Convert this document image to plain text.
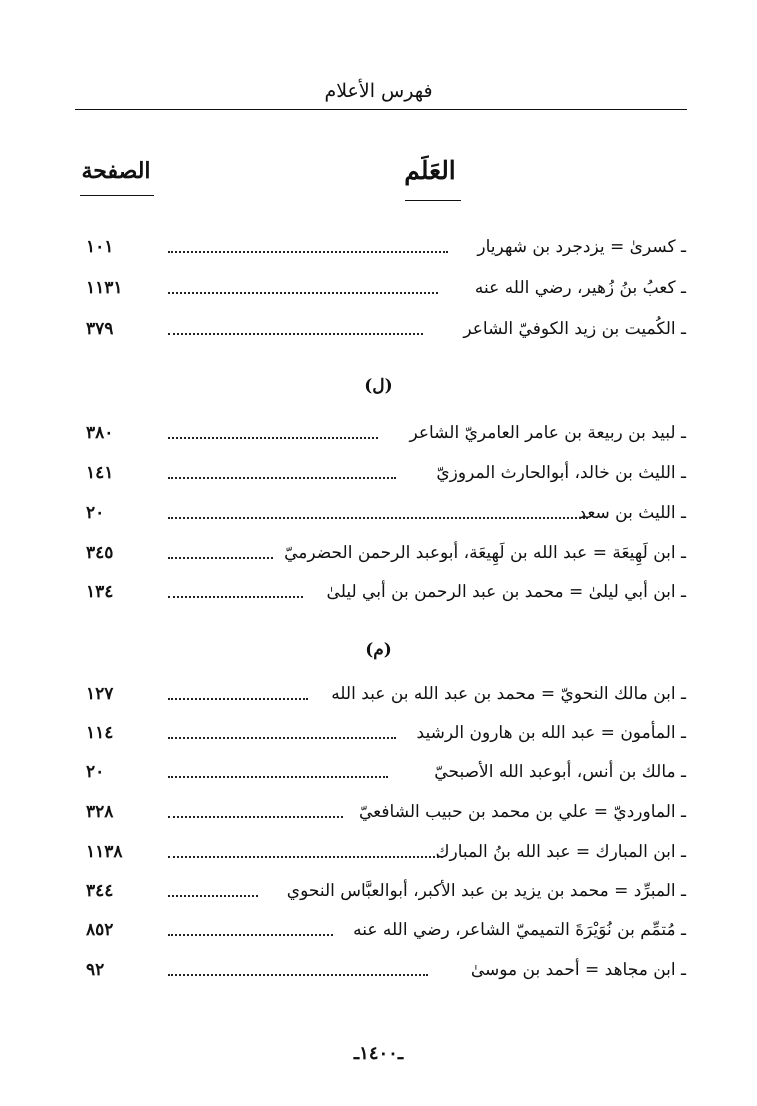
فهرس الأعلام
العَلَم
الصفحة
ـ كسرىٰ = يزدجرد بن شهريار
١٠١
ـ كعبُ بنُ زُهير، رضي الله عنه
١١٣١
ـ الكُميت بن زيد الكوفيّ الشاعر
٣٧٩
(ل)
ـ لبيد بن ربيعة بن عامر العامريّ الشاعر
٣٨٠
ـ الليث بن خالد، أبوالحارث المروزيّ
١٤١
ـ الليث بن سعد
٢٠
ـ ابن لَهِيعَة = عبد الله بن لَهِيعَة، أبوعبد الرحمن الحضرميّ
٣٤٥
ـ ابن أبي ليلىٰ = محمد بن عبد الرحمن بن أبي ليلىٰ
١٣٤
(م)
ـ ابن مالك النحويّ = محمد بن عبد الله بن عبد الله
١٢٧
ـ المأمون = عبد الله بن هارون الرشيد
١١٤
ـ مالك بن أنس، أبوعبد الله الأصبحيّ
٢٠
ـ الماورديّ = علي بن محمد بن حبيب الشافعيّ
٣٢٨
ـ ابن المبارك = عبد الله بنُ المبارك
١١٣٨
ـ المبرِّد = محمد بن يزيد بن عبد الأكبر، أبوالعبَّاس النحوي
٣٤٤
ـ مُتمِّم بن نُوَيْرَةَ التميميّ الشاعر، رضي الله عنه
٨٥٢
ـ ابن مجاهد = أحمد بن موسىٰ
٩٢
ـ١٤٠٠ـ
